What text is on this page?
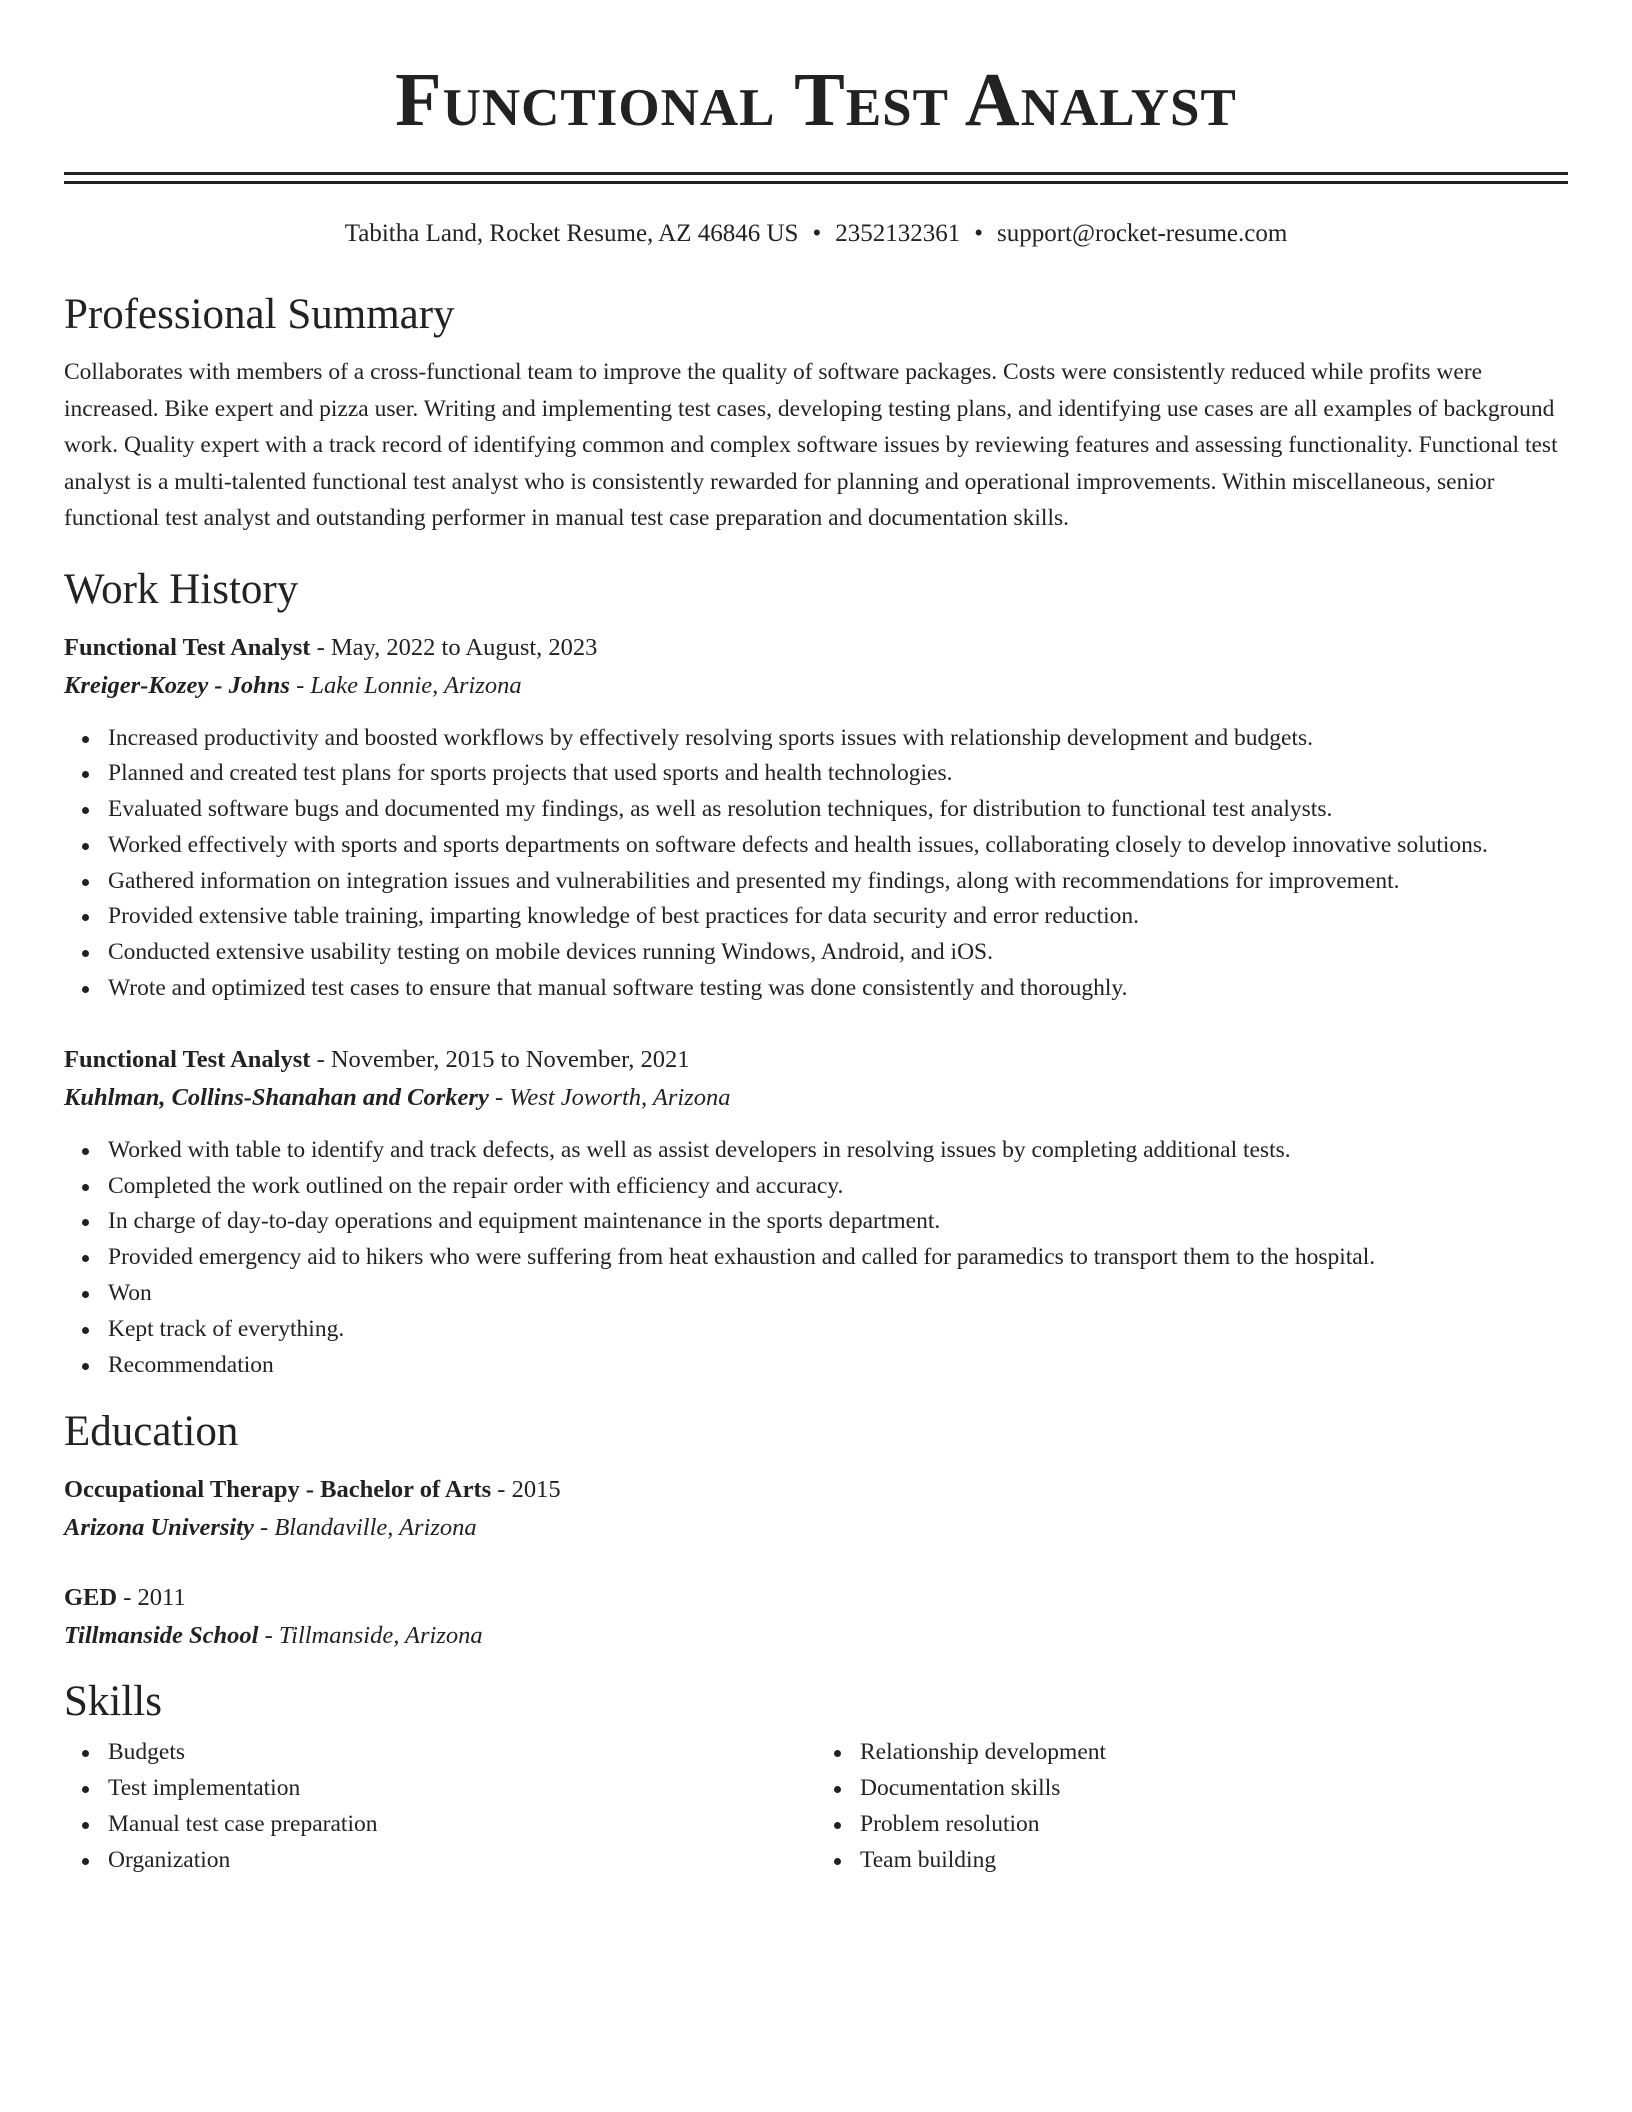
Functional Test Analyst
Tabitha Land, Rocket Resume, AZ 46846 US • 2352132361 • support@rocket-resume.com
Professional Summary

Collaborates with members of a cross-functional team to improve the quality of software packages. Costs were consistently reduced while profits were increased. Bike expert and pizza user. Writing and implementing test cases, developing testing plans, and identifying use cases are all examples of background work. Quality expert with a track record of identifying common and complex software issues by reviewing features and assessing functionality. Functional test analyst is a multi-talented functional test analyst who is consistently rewarded for planning and operational improvements. Within miscellaneous, senior functional test analyst and outstanding performer in manual test case preparation and documentation skills.

Work History
Functional Test Analyst - May, 2022 to August, 2023
Kreiger-Kozey - Johns - Lake Lonnie, Arizona
Increased productivity and boosted workflows by effectively resolving sports issues with relationship development and budgets.
Planned and created test plans for sports projects that used sports and health technologies.
Evaluated software bugs and documented my findings, as well as resolution techniques, for distribution to functional test analysts.
Worked effectively with sports and sports departments on software defects and health issues, collaborating closely to develop innovative solutions.
Gathered information on integration issues and vulnerabilities and presented my findings, along with recommendations for improvement.
Provided extensive table training, imparting knowledge of best practices for data security and error reduction.
Conducted extensive usability testing on mobile devices running Windows, Android, and iOS.
Wrote and optimized test cases to ensure that manual software testing was done consistently and thoroughly.
Functional Test Analyst - November, 2015 to November, 2021
Kuhlman, Collins-Shanahan and Corkery - West Joworth, Arizona
Worked with table to identify and track defects, as well as assist developers in resolving issues by completing additional tests.
Completed the work outlined on the repair order with efficiency and accuracy.
In charge of day-to-day operations and equipment maintenance in the sports department.
Provided emergency aid to hikers who were suffering from heat exhaustion and called for paramedics to transport them to the hospital.
Won
Kept track of everything.
Recommendation
Education
Occupational Therapy - Bachelor of Arts - 2015
Arizona University - Blandaville, Arizona
GED - 2011
Tillmanside School - Tillmanside, Arizona
Skills
Budgets
Test implementation
Manual test case preparation
Organization
Relationship development
Documentation skills
Problem resolution
Team building
